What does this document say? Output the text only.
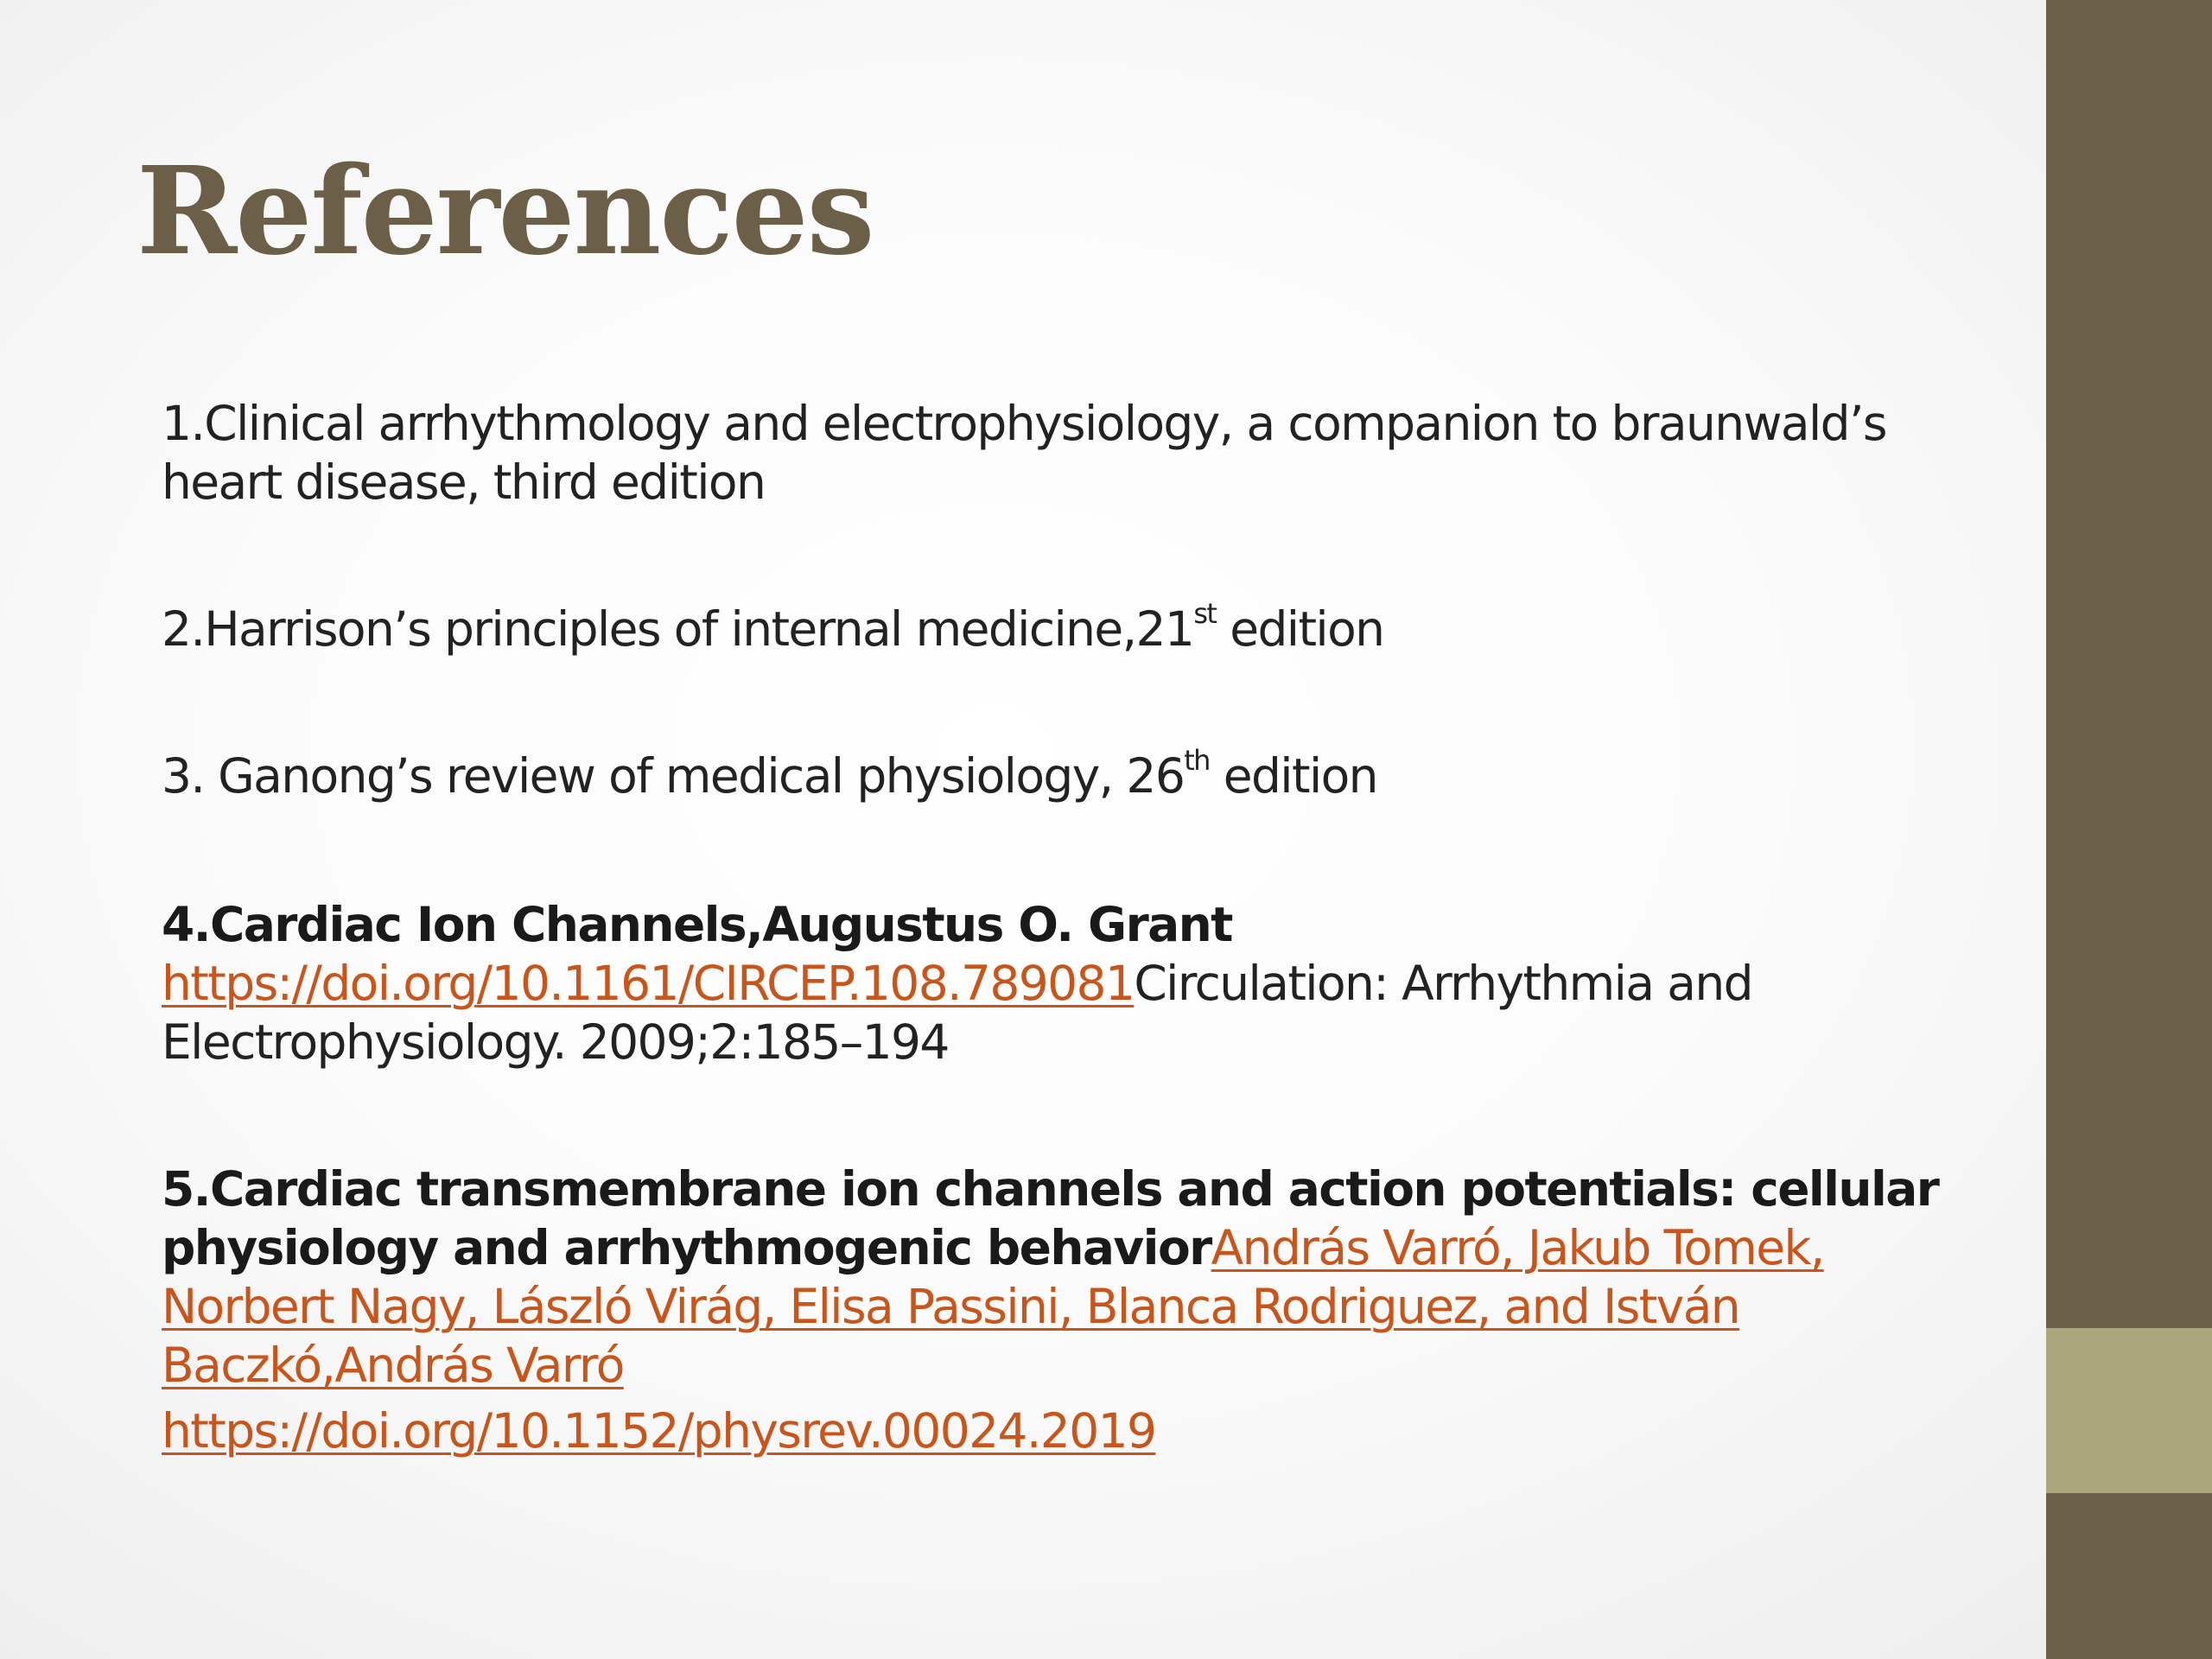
References

1.Clinical arrhythmology and electrophysiology, a companion to braunwald’s heart disease, third edition

2.Harrison’s principles of internal medicine,21st edition

3. Ganong’s review of medical physiology, 26th edition

4.Cardiac Ion Channels,Augustus O. Grant
https://doi.org/10.1161/CIRCEP.108.789081Circulation: Arrhythmia and Electrophysiology. 2009;2:185–194

5.Cardiac transmembrane ion channels and action potentials: cellular physiology and arrhythmogenic behaviorAndrás Varró, Jakub Tomek, Norbert Nagy, László Virág, Elisa Passini, Blanca Rodriguez, and István Baczkó,András Varró
https://doi.org/10.1152/physrev.00024.2019
